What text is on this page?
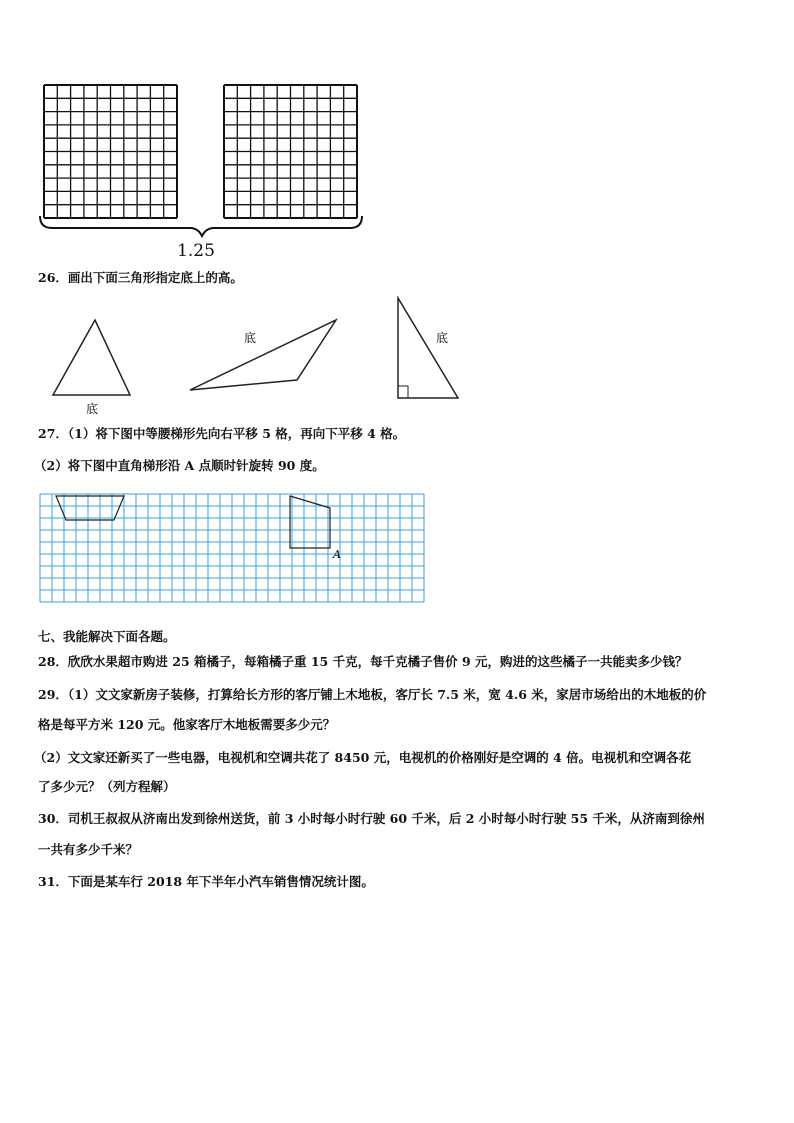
1.25
26．画出下面三角形指定底上的高。
底
底	底
27．（1）将下图中等腰梯形先向右平移 5 格，再向下平移 4 格。
（2）将下图中直角梯形沿 A 点顺时针旋转 90 度。
A
七、我能解决下面各题。
28．欣欣水果超市购进 25 箱橘子，每箱橘子重 15 千克，每千克橘子售价 9 元，购进的这些橘子一共能卖多少钱？
29．（1）文文家新房子装修，打算给长方形的客厅铺上木地板，客厅长 7.5 米，宽 4.6 米，家居市场给出的木地板的价
格是每平方米 120 元。他家客厅木地板需要多少元？
（2）文文家还新买了一些电器，电视机和空调共花了 8450 元，电视机的价格刚好是空调的 4 倍。电视机和空调各花
了多少元？（列方程解）
30．司机王叔叔从济南出发到徐州送货，前 3 小时每小时行驶 60 千米，后 2 小时每小时行驶 55 千米，从济南到徐州
一共有多少千米？
31．下面是某车行 2018 年下半年小汽车销售情况统计图。
